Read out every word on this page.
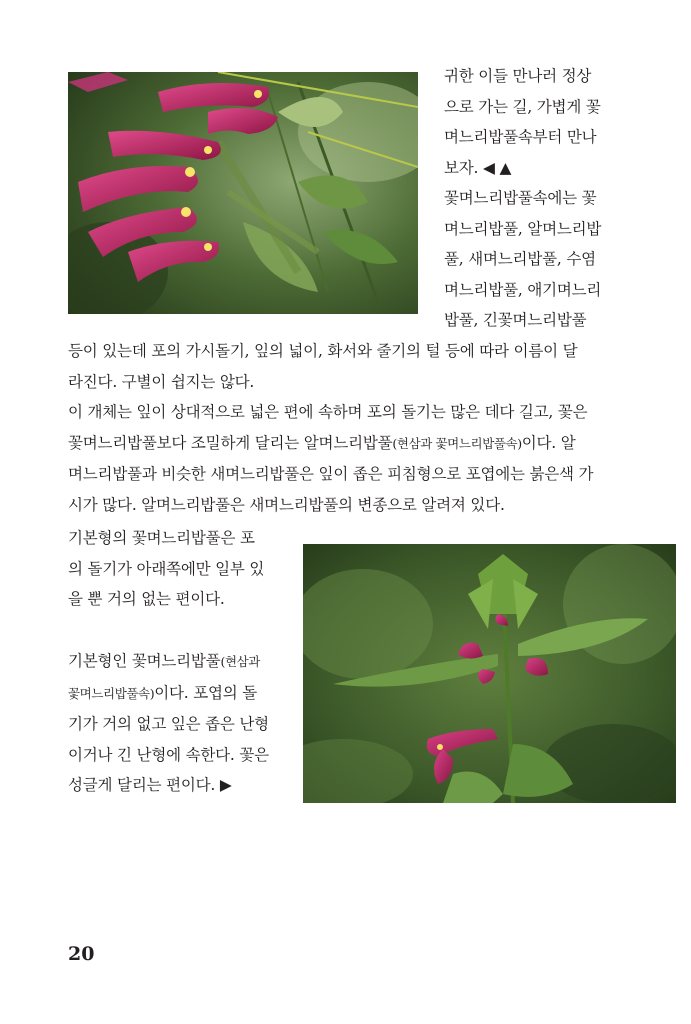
귀한 이들 만나러 정상
으로 가는 길, 가볍게 꽃
며느리밥풀속부터 만나
보자. ◀ ▲
꽃며느리밥풀속에는 꽃
며느리밥풀, 알며느리밥
풀, 새며느리밥풀, 수염
며느리밥풀, 애기며느리
밥풀, 긴꽃며느리밥풀
등이 있는데 포의 가시돌기, 잎의 넓이, 화서와 줄기의 털 등에 따라 이름이 달
라진다. 구별이 쉽지는 않다.
이 개체는 잎이 상대적으로 넓은 편에 속하며 포의 돌기는 많은 데다 길고, 꽃은
꽃며느리밥풀보다 조밀하게 달리는 알며느리밥풀(현삼과 꽃며느리밥풀속)이다. 알
며느리밥풀과 비슷한 새며느리밥풀은 잎이 좁은 피침형으로 포엽에는 붉은색 가
시가 많다. 알며느리밥풀은 새며느리밥풀의 변종으로 알려져 있다.
기본형의 꽃며느리밥풀은 포
의 돌기가 아래쪽에만 일부 있
을 뿐 거의 없는 편이다.
기본형인 꽃며느리밥풀(현삼과
꽃며느리밥풀속)이다. 포엽의 돌
기가 거의 없고 잎은 좁은 난형
이거나 긴 난형에 속한다. 꽃은
성글게 달리는 편이다. ▶
20
